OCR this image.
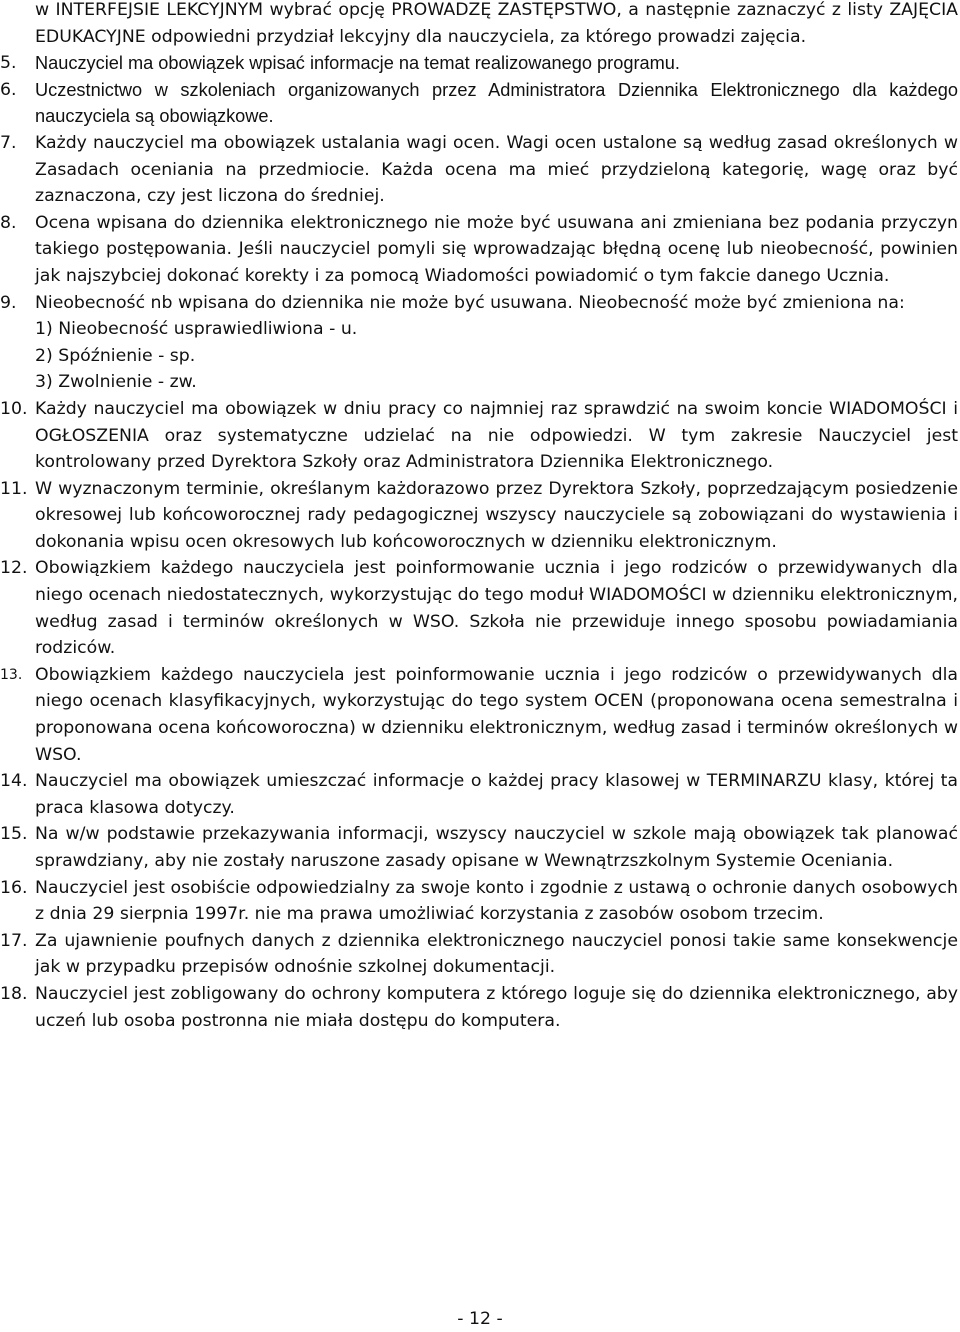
w INTERFEJSIE LEKCYJNYM wybrać opcję PROWADZĘ ZASTĘPSTWO, a następnie zaznaczyć z listy ZAJĘCIA EDUKACYJNE odpowiedni przydział lekcyjny dla nauczyciela, za którego prowadzi zajęcia.
5.	Nauczyciel ma obowiązek wpisać informacje na temat realizowanego programu.
6.	Uczestnictwo w szkoleniach organizowanych przez Administratora Dziennika Elektronicznego dla każdego nauczyciela są obowiązkowe.
7.	Każdy nauczyciel ma obowiązek ustalania wagi ocen. Wagi ocen ustalone są według zasad określonych w Zasadach oceniania na przedmiocie. Każda ocena ma mieć przydzieloną kategorię, wagę oraz być zaznaczona, czy jest liczona do średniej.
8.	Ocena wpisana do dziennika elektronicznego nie może być usuwana ani zmieniana bez podania przyczyn takiego postępowania. Jeśli nauczyciel pomyli się wprowadzając błędną ocenę lub nieobecność, powinien jak najszybciej dokonać korekty i za pomocą Wiadomości powiadomić o tym fakcie danego Ucznia.
9.	Nieobecność nb wpisana do dziennika nie może być usuwana. Nieobecność może być zmieniona na:

1) Nieobecność usprawiedliwiona - u.
2) Spóźnienie - sp.
3) Zwolnienie - zw.
10. Każdy nauczyciel ma obowiązek w dniu pracy co najmniej raz sprawdzić na swoim koncie WIADOMOŚCI i OGŁOSZENIA oraz systematyczne udzielać na nie odpowiedzi. W tym zakresie Nauczyciel jest kontrolowany przed Dyrektora Szkoły oraz Administratora Dziennika Elektronicznego.
11. W wyznaczonym terminie, określanym każdorazowo przez Dyrektora Szkoły, poprzedzającym posiedzenie okresowej lub końcoworocznej rady pedagogicznej wszyscy nauczyciele są zobowiązani do wystawienia i dokonania wpisu ocen okresowych lub końcoworocznych w dzienniku elektronicznym.
12. Obowiązkiem każdego nauczyciela jest poinformowanie ucznia i jego rodziców o przewidywanych dla niego ocenach niedostatecznych, wykorzystując do tego moduł WIADOMOŚCI w dzienniku elektronicznym, według zasad i terminów określonych w WSO. Szkoła nie przewiduje innego sposobu powiadamiania rodziców.
13. Obowiązkiem każdego nauczyciela jest poinformowanie ucznia i jego rodziców o przewidywanych dla niego ocenach klasyfikacyjnych, wykorzystując do tego system OCEN (proponowana ocena semestralna i proponowana ocena końcoworoczna) w dzienniku elektronicznym, według zasad i terminów określonych w WSO.
14. Nauczyciel ma obowiązek umieszczać informacje o każdej pracy klasowej w TERMINARZU klasy, której ta praca klasowa dotyczy.
15. Na w/w podstawie przekazywania informacji, wszyscy nauczyciel w szkole mają obowiązek tak planować sprawdziany, aby nie zostały naruszone zasady opisane w Wewnątrzszkolnym Systemie Oceniania.
16. Nauczyciel jest osobiście odpowiedzialny za swoje konto i zgodnie z ustawą o ochronie danych osobowych z dnia 29 sierpnia 1997r. nie ma prawa umożliwiać korzystania z zasobów osobom trzecim.
17. Za ujawnienie poufnych danych z dziennika elektronicznego nauczyciel ponosi takie same konsekwencje jak w przypadku przepisów odnośnie szkolnej dokumentacji.
18. Nauczyciel jest zobligowany do ochrony komputera z którego loguje się do dziennika elektronicznego, aby uczeń lub osoba postronna nie miała dostępu do komputera.
- 12 -
